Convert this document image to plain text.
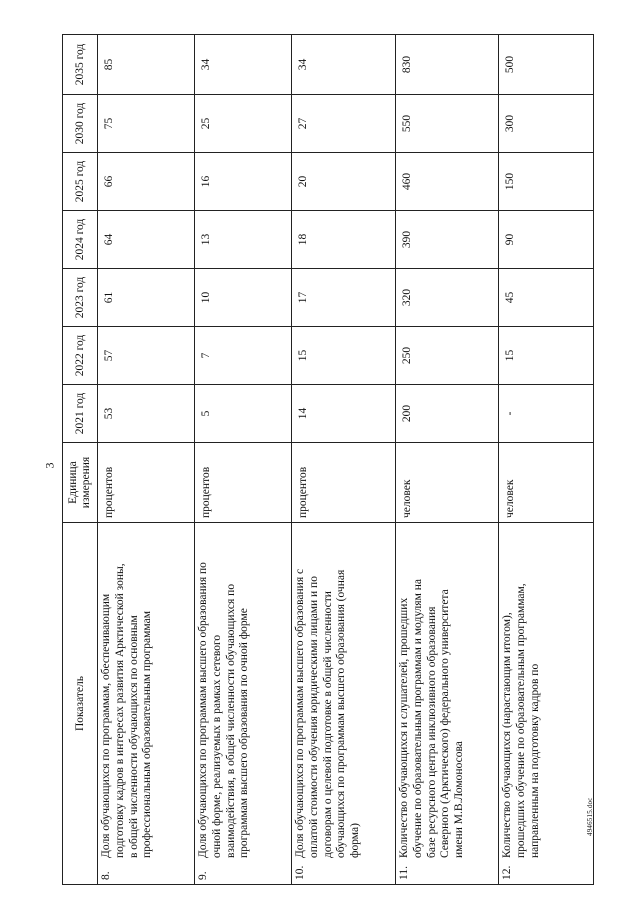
3
Показатель	Единица измерения	2021 год	2022 год	2023 год	2024 год	2025 год	2030 год	2035 год
8.Доля обучающихся по программам, обеспечивающим подготовку кадров в интересах развития Арктической зоны, в общей численности обучающихся по основным профессиональным образовательным программам	процентов	53	57	61	64	66	75	85
9.Доля обучающихся по программам высшего образования по очной форме, реализуемых в рамках сетевого взаимодействия, в общей численности обучающихся по программам высшего образования по очной форме	процентов	5	7	10	13	16	25	34
10.Доля обучающихся по программам высшего образования с оплатой стоимости обучения юридическими лицами и по договорам о целевой подготовке в общей численности обучающихся по программам высшего образования (очная форма)	процентов	14	15	17	18	20	27	34
11.Количество обучающихся и слушателей, прошедших обучение по образовательным программам и модулям на базе ресурсного центра инклюзивного образования Северного (Арктического) федерального университета имени М.В.Ломоносова	человек	200	250	320	390	460	550	830
12.Количество обучающихся (нарастающим итогом), прошедших обучение по образовательным программам, направленным на подготовку кадров по	человек	-	15	45	90	150	300	500
4946515.doc
